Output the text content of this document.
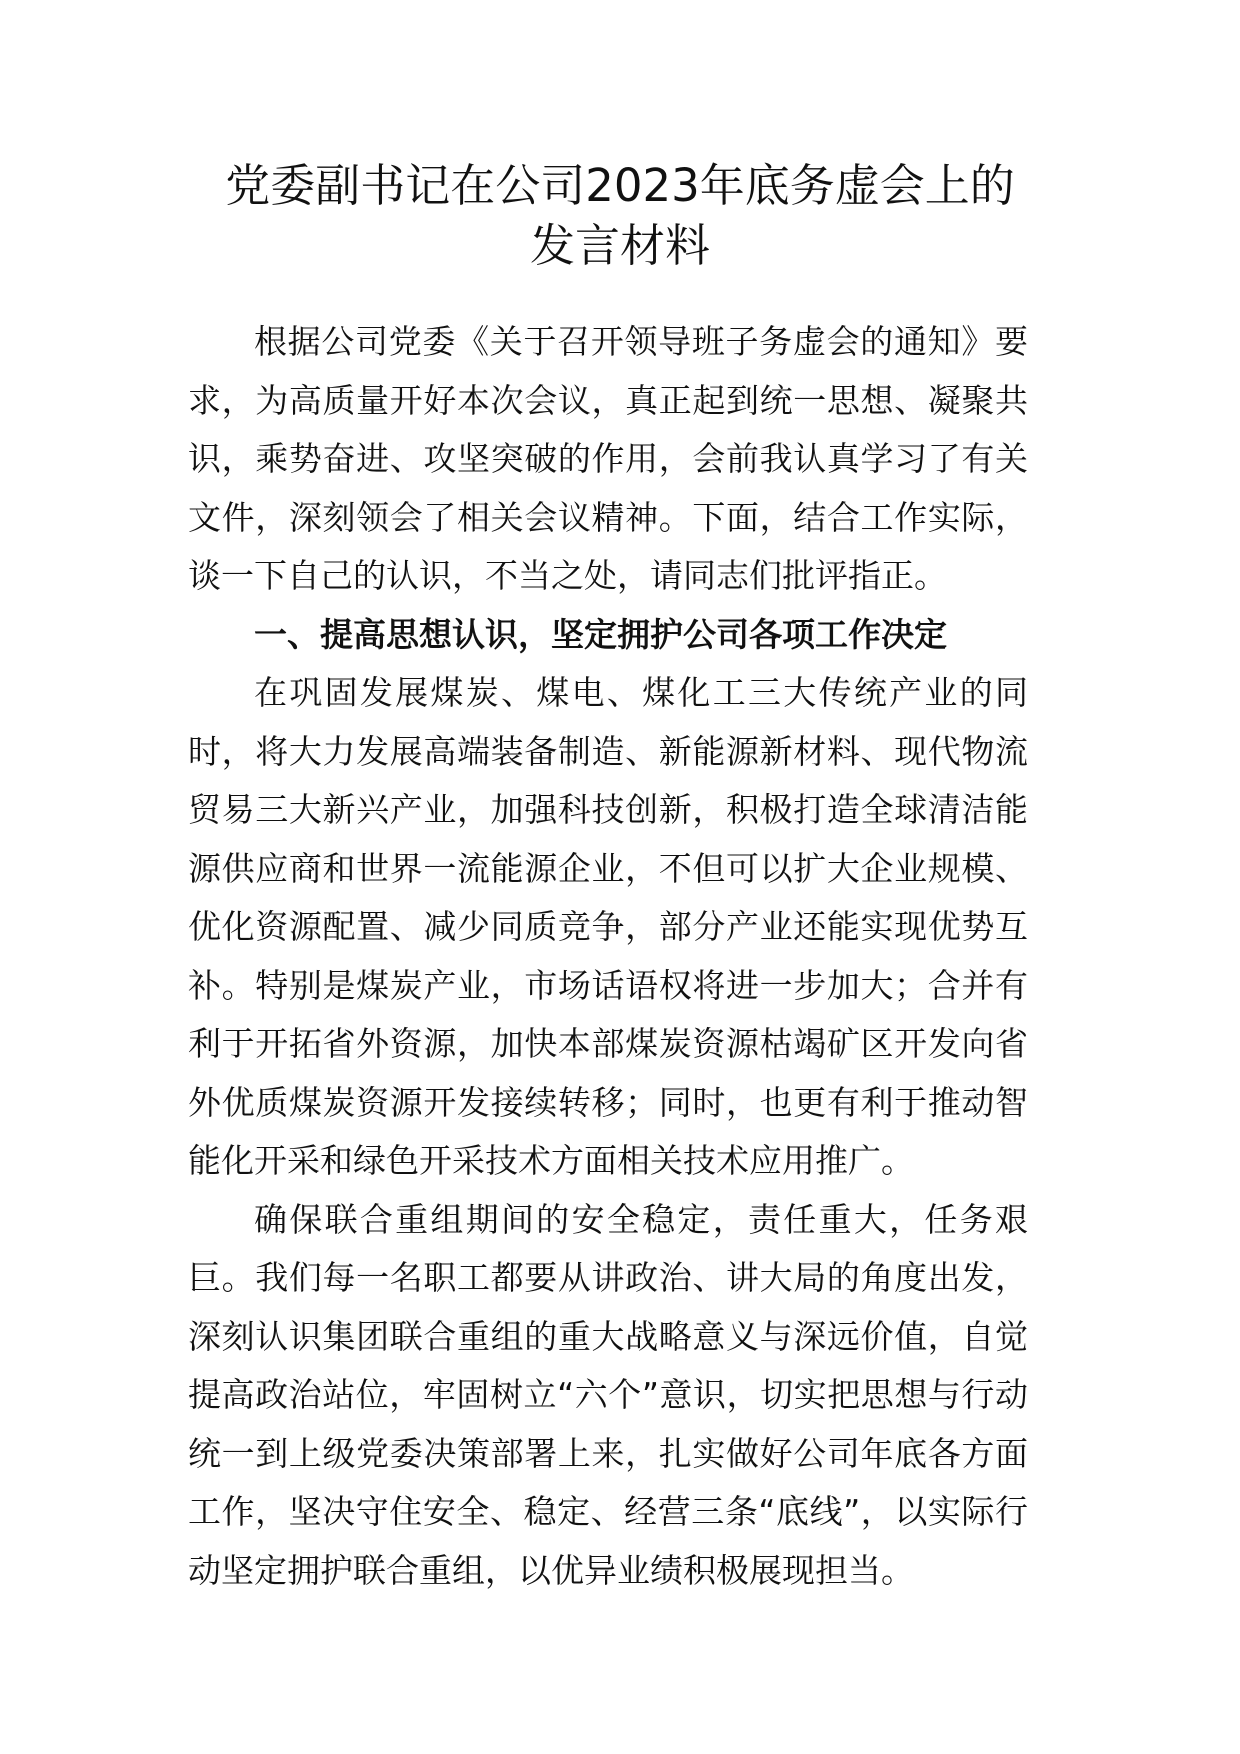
党委副书记在公司2023年底务虚会上的
发言材料

根据公司党委《关于召开领导班子务虚会的通知》要求，为高质量开好本次会议，真正起到统一思想、凝聚共识，乘势奋进、攻坚突破的作用，会前我认真学习了有关文件，深刻领会了相关会议精神。下面，结合工作实际，谈一下自己的认识，不当之处，请同志们批评指正。

一、提高思想认识，坚定拥护公司各项工作决定

在巩固发展煤炭、煤电、煤化工三大传统产业的同时，将大力发展高端装备制造、新能源新材料、现代物流贸易三大新兴产业，加强科技创新，积极打造全球清洁能源供应商和世界一流能源企业，不但可以扩大企业规模、优化资源配置、减少同质竞争，部分产业还能实现优势互补。特别是煤炭产业，市场话语权将进一步加大；合并有利于开拓省外资源，加快本部煤炭资源枯竭矿区开发向省外优质煤炭资源开发接续转移；同时，也更有利于推动智能化开采和绿色开采技术方面相关技术应用推广。

确保联合重组期间的安全稳定，责任重大，任务艰巨。我们每一名职工都要从讲政治、讲大局的角度出发，深刻认识集团联合重组的重大战略意义与深远价值，自觉提高政治站位，牢固树立“六个”意识，切实把思想与行动统一到上级党委决策部署上来，扎实做好公司年底各方面工作，坚决守住安全、稳定、经营三条“底线”，以实际行动坚定拥护联合重组，以优异业绩积极展现担当。
